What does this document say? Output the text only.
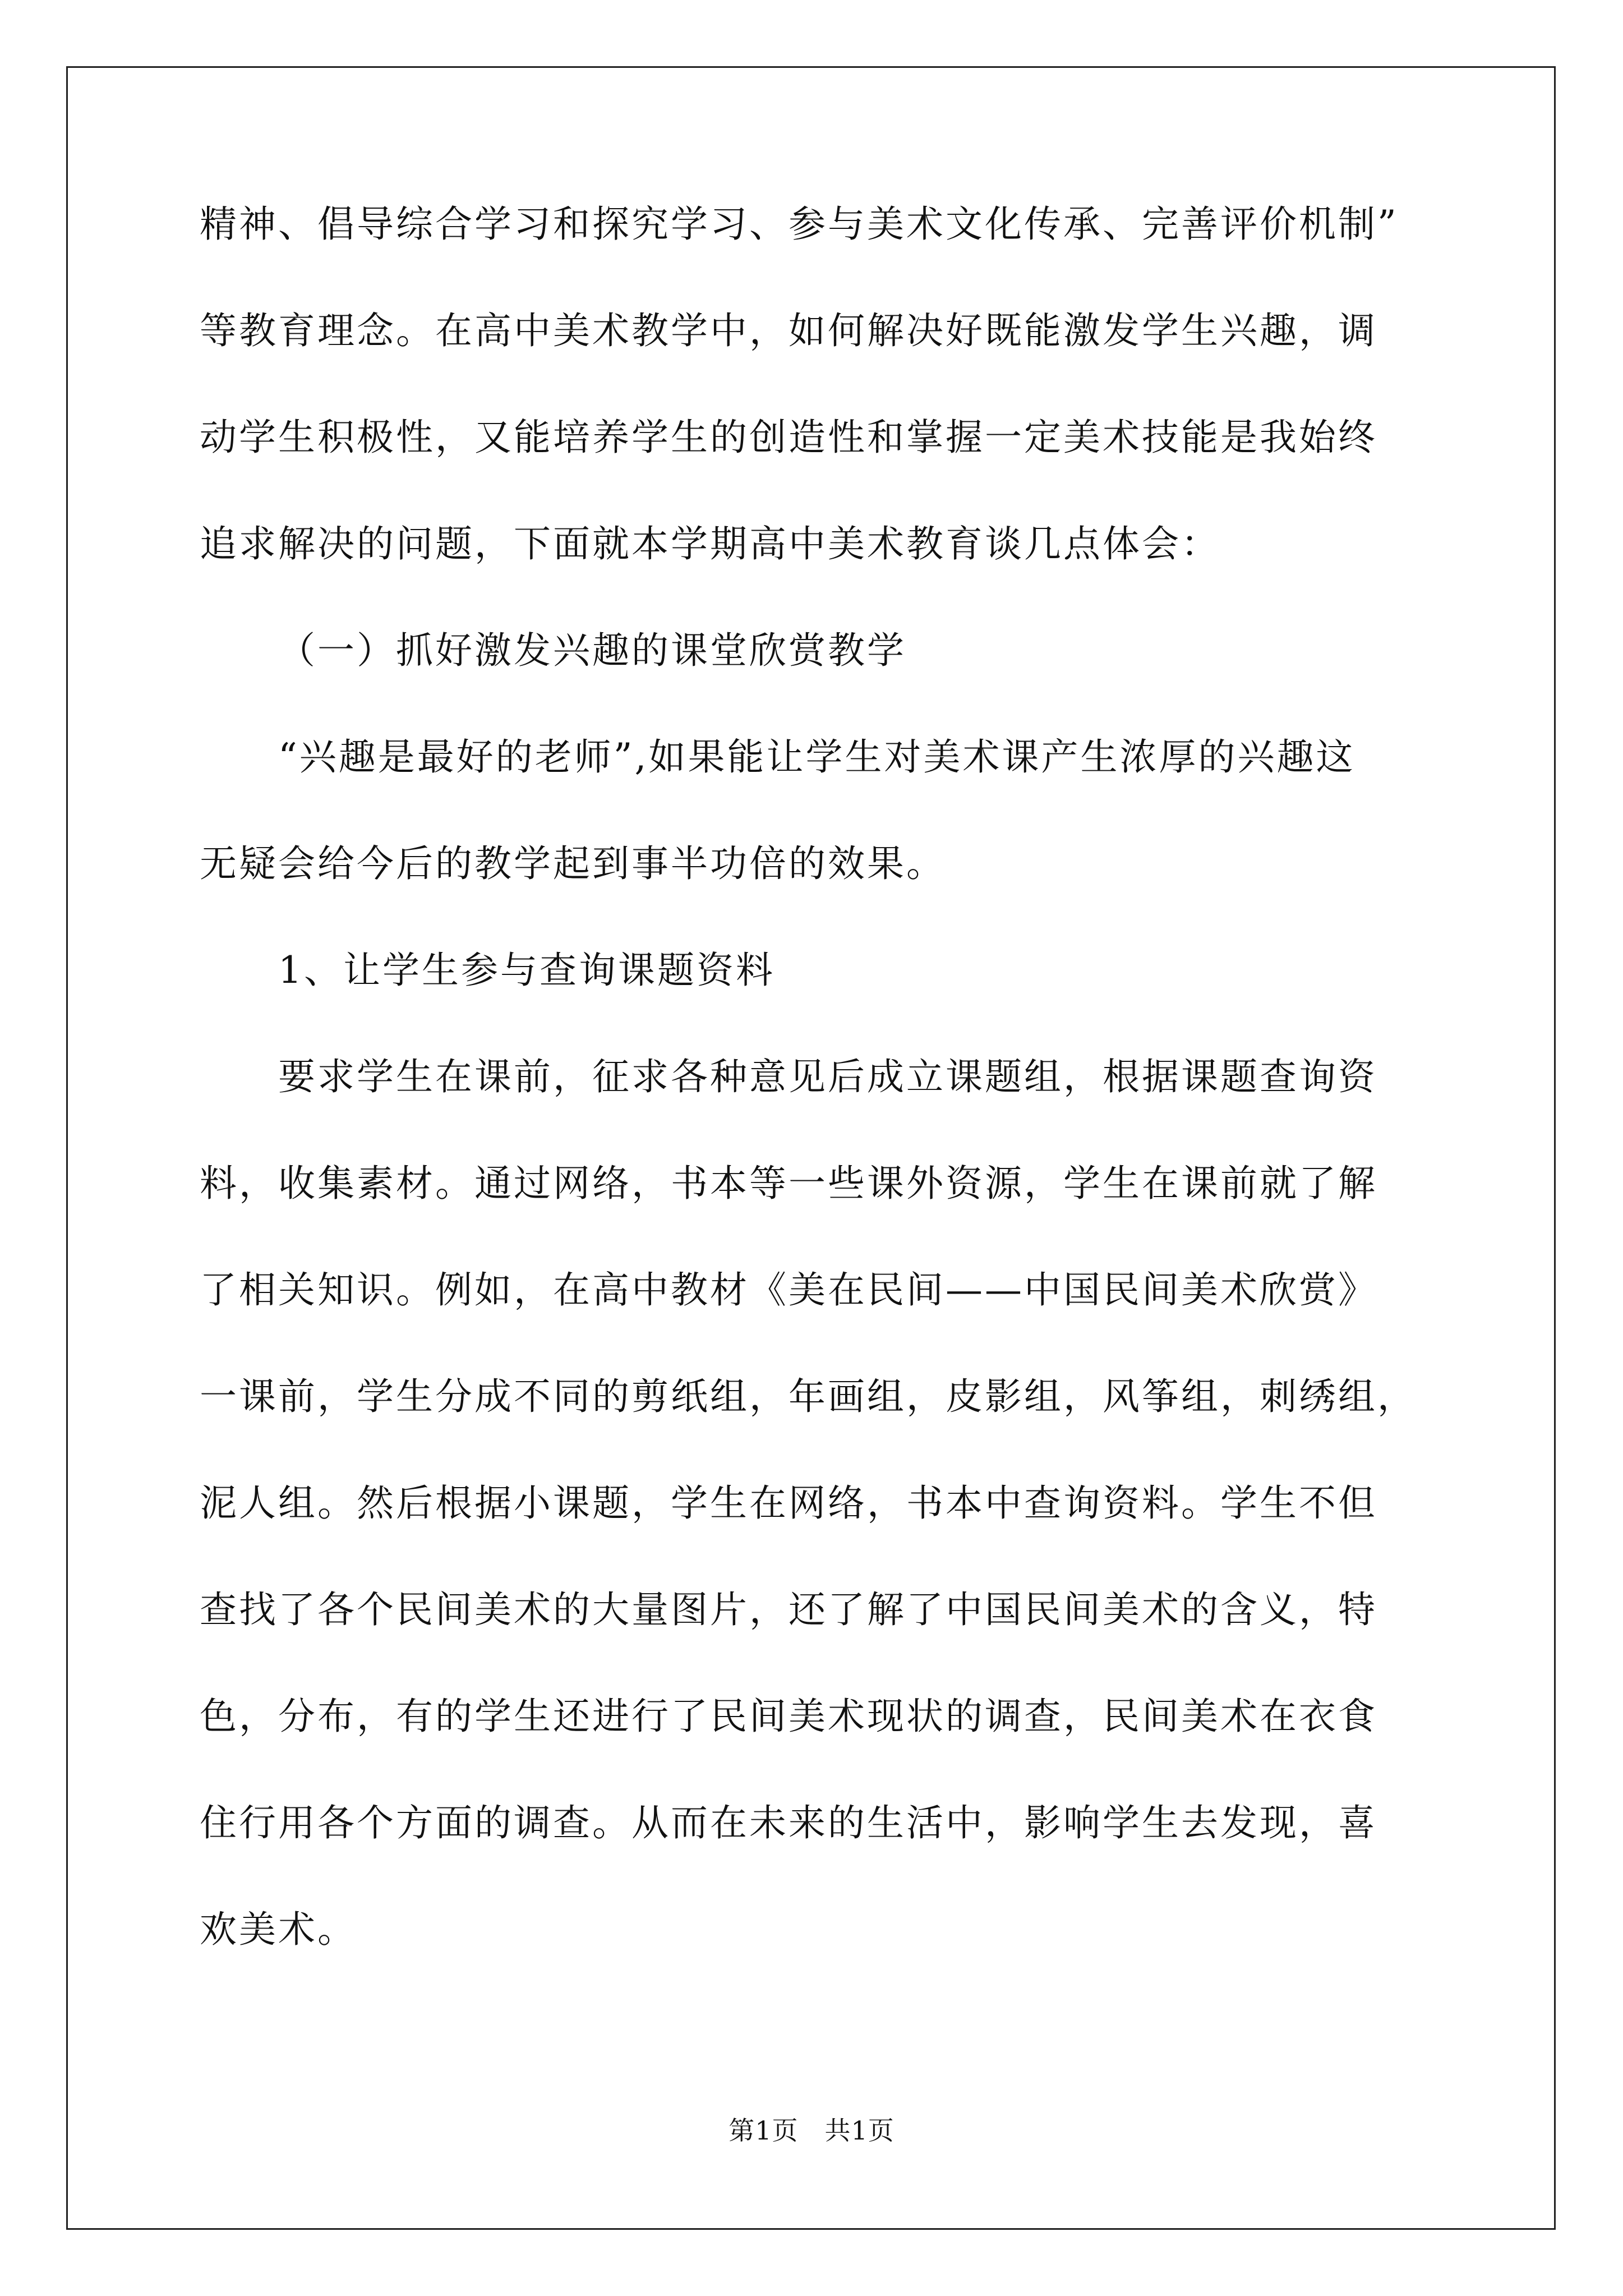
精神、倡导综合学习和探究学习、参与美术文化传承、完善评价机制”
等教育理念。在高中美术教学中，如何解决好既能激发学生兴趣，调
动学生积极性，又能培养学生的创造性和掌握一定美术技能是我始终
追求解决的问题，下面就本学期高中美术教育谈几点体会：
（一）抓好激发兴趣的课堂欣赏教学
“兴趣是最好的老师”,如果能让学生对美术课产生浓厚的兴趣这
无疑会给今后的教学起到事半功倍的效果。
1、让学生参与查询课题资料
要求学生在课前，征求各种意见后成立课题组，根据课题查询资
料，收集素材。通过网络，书本等一些课外资源，学生在课前就了解
了相关知识。例如，在高中教材《美在民间——中国民间美术欣赏》
一课前，学生分成不同的剪纸组，年画组，皮影组，风筝组，刺绣组，
泥人组。然后根据小课题，学生在网络，书本中查询资料。学生不但
查找了各个民间美术的大量图片，还了解了中国民间美术的含义，特
色，分布，有的学生还进行了民间美术现状的调查，民间美术在衣食
住行用各个方面的调查。从而在未来的生活中，影响学生去发现，喜
欢美术。
第1页　共1页
